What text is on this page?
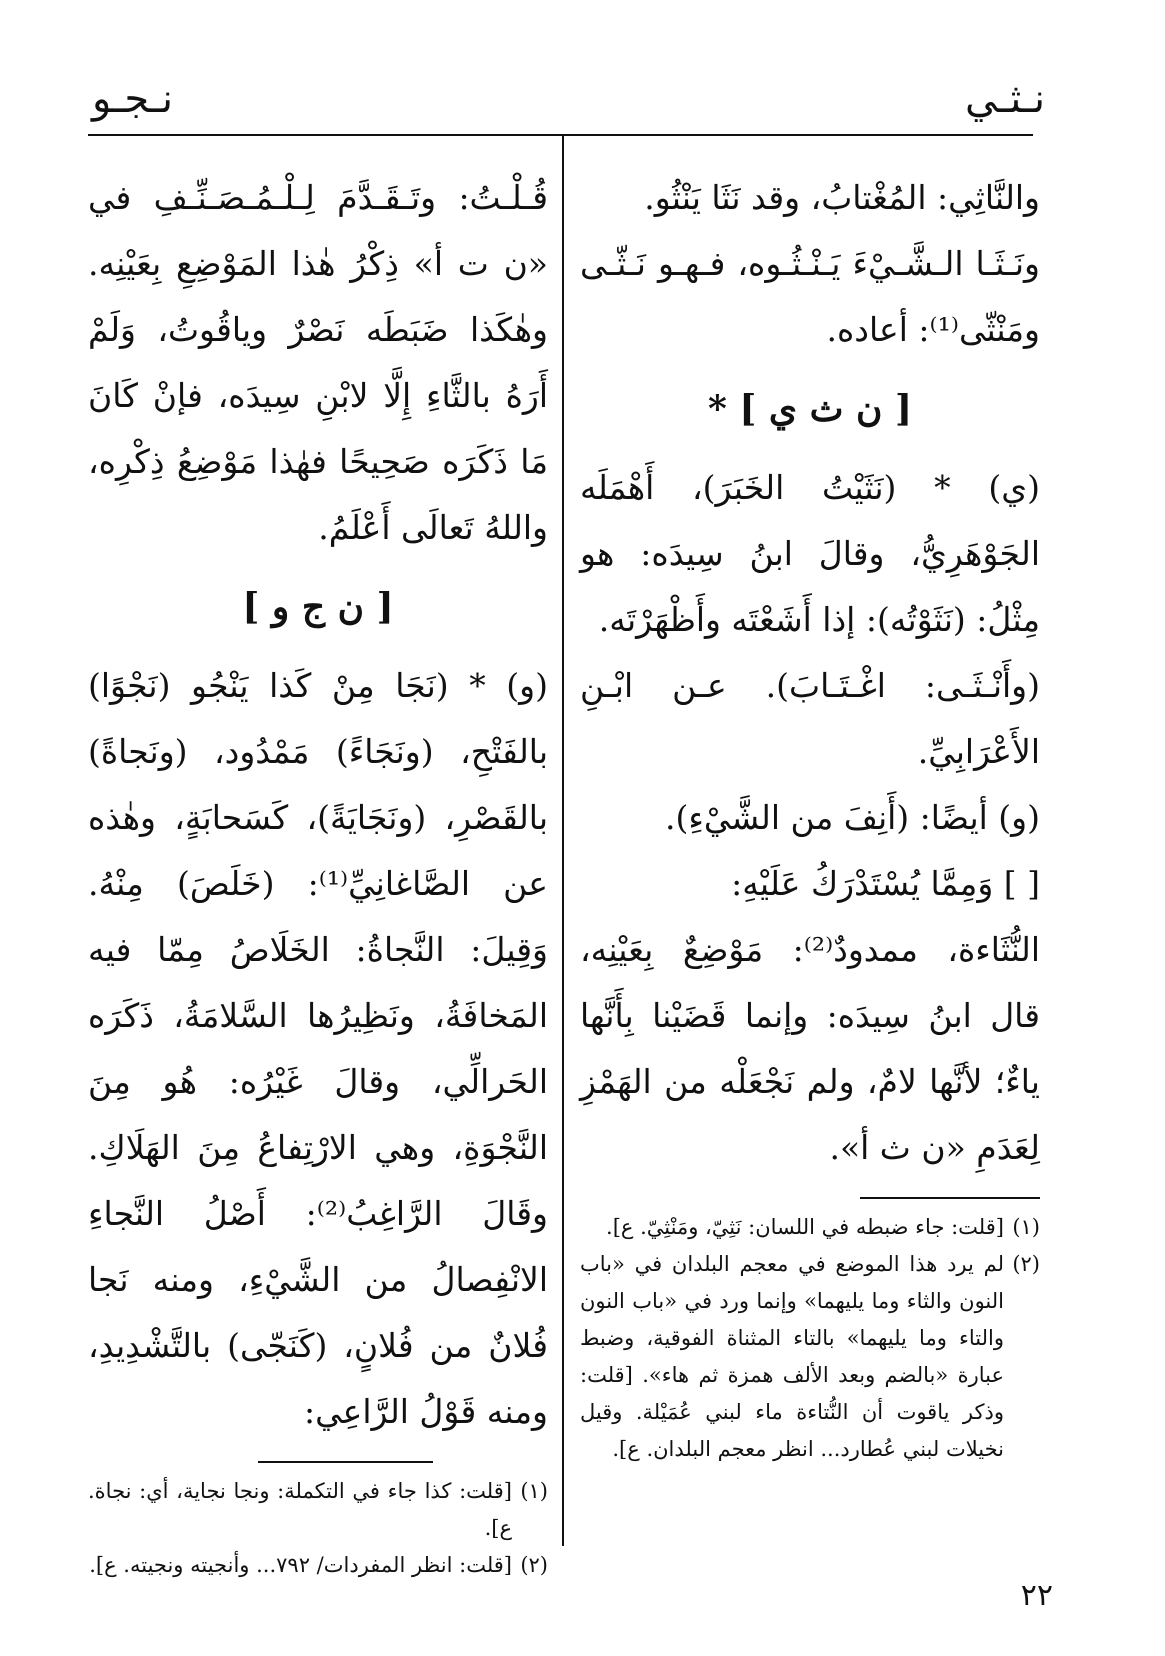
نـثـي
نـجـو

والنَّاثِي: المُغْتابُ، وقد نَثَا يَنْثُو.

ونَـثَـا الـشَّـيْءَ يَـنْـثُـوه، فـهـو نَـثّـى ومَنْثّى⁽¹⁾: أعاده.

[ ن ث ي ] *

(ي) * (نَثَيْتُ الخَبَرَ)، أَهْمَلَه الجَوْهَرِيُّ، وقالَ ابنُ سِيدَه: هو مِثْلُ: (نَثَوْتُه): إذا أَشَعْتَه وأَظْهَرْتَه.

(وأَنْـثَـى: اغْـتَـابَ). عـن ابْـنِ الأَعْرَابِيِّ.

(و) أيضًا: (أَنِفَ من الشَّيْءِ).

[ ] وَمِمَّا يُسْتَدْرَكُ عَلَيْهِ:

النُّثَاءة، ممدودٌ⁽²⁾: مَوْضِعٌ بِعَيْنِه، قال ابنُ سِيدَه: وإنما قَضَيْنا بِأَنَّها ياءٌ؛ لأنَّها لامٌ، ولم نَجْعَلْه من الهَمْزِ لِعَدَمِ «ن ث أ».

(١)
[قلت: جاء ضبطه في اللسان: نَثِيّ، ومَنْثِيّ. ع].

(٢)
لم يرد هذا الموضع في معجم البلدان في «باب النون والثاء وما يليهما» وإنما ورد في «باب النون والتاء وما يليهما» بالتاء المثناة الفوقية، وضبط عبارة «بالضم وبعد الألف همزة ثم هاء». [قلت: وذكر ياقوت أن النُّتاءة ماء لبني عُمَيْلة. وقيل نخيلات لبني عُطارد... انظر معجم البلدان. ع].

قُـلْـتُ: وتَـقَـدَّمَ لِـلْـمُـصَـنِّـفِ في «ن ت أ» ذِكْرُ هٰذا المَوْضِعِ بِعَيْنِه. وهٰكَذا ضَبَطَه نَصْرٌ وياقُوتُ، وَلَمْ أَرَهُ بالثَّاءِ إِلَّا لابْنِ سِيدَه، فإنْ كَانَ مَا ذَكَرَه صَحِيحًا فهٰذا مَوْضِعُ ذِكْرِه، واللهُ تَعالَى أَعْلَمُ.

[ ن ج و ]

(و) * (نَجَا مِنْ كَذا يَنْجُو (نَجْوًا) بالفَتْحِ، (ونَجَاءً) مَمْدُود، (ونَجاةً) بالقَصْرِ، (ونَجَايَةً)، كَسَحابَةٍ، وهٰذه عن الصَّاغانِيِّ⁽¹⁾: (خَلَصَ) مِنْهُ. وَقِيلَ: النَّجاةُ: الخَلَاصُ مِمّا فيه المَخافَةُ، ونَظِيرُها السَّلامَةُ، ذَكَرَه الحَرالِّي، وقالَ غَيْرُه: هُو مِنَ النَّجْوَةِ، وهي الارْتِفاعُ مِنَ الهَلَاكِ. وقَالَ الرَّاغِبُ⁽²⁾: أَصْلُ النَّجاءِ الانْفِصالُ من الشَّيْءِ، ومنه نَجا فُلانٌ من فُلانٍ، (كَنَجّى) بالتَّشْدِيدِ، ومنه قَوْلُ الرَّاعِي:

(١)
[قلت: كذا جاء في التكملة: ونجا نجاية، أي: نجاة. ع].

(٢)
[قلت: انظر المفردات/ ٧٩٢... وأنجيته ونجيته. ع].

٢٢
